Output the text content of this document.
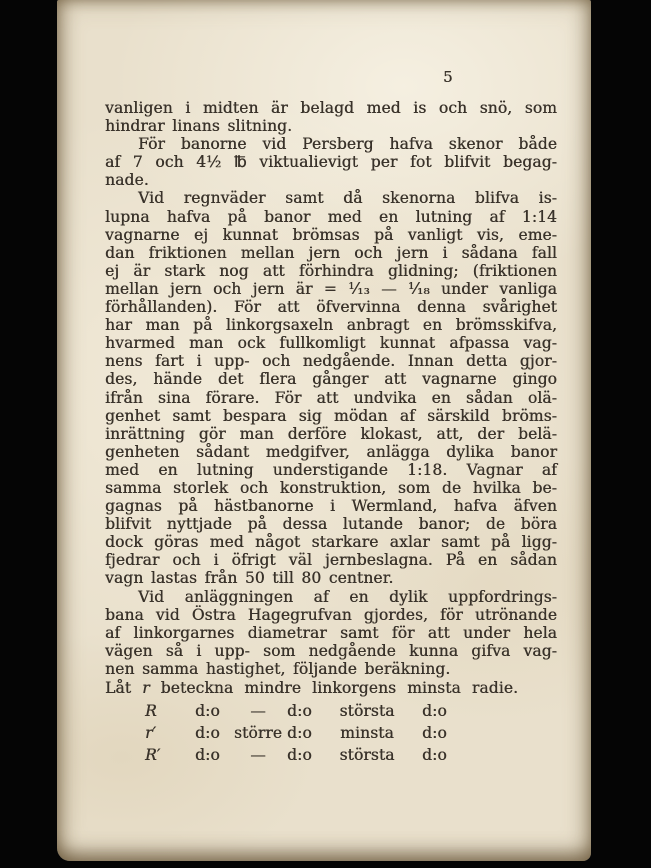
5
vanligen i midten är belagd med is och snö, som
hindrar linans slitning.
För banorne vid Persberg hafva skenor både
af 7 och 4½ ℔ viktualievigt per fot blifvit begag-
nade.
Vid regnväder samt då skenorna blifva is-
lupna hafva på banor med en lutning af 1:14
vagnarne ej kunnat brömsas på vanligt vis, eme-
dan friktionen mellan jern och jern i sådana fall
ej är stark nog att förhindra glidning; (friktionen
mellan jern och jern är = ¹⁄₁₃ — ¹⁄₁₈ under vanliga
förhållanden). För att öfvervinna denna svårighet
har man på linkorgsaxeln anbragt en brömsskifva,
hvarmed man ock fullkomligt kunnat afpassa vag-
nens fart i upp- och nedgående. Innan detta gjor-
des, hände det flera gånger att vagnarne gingo
ifrån sina förare. För att undvika en sådan olä-
genhet samt bespara sig mödan af särskild bröms-
inrättning gör man derföre klokast, att, der belä-
genheten sådant medgifver, anlägga dylika banor
med en lutning understigande 1:18. Vagnar af
samma storlek och konstruktion, som de hvilka be-
gagnas på hästbanorne i Wermland, hafva äfven
blifvit nyttjade på dessa lutande banor; de böra
dock göras med något starkare axlar samt på ligg-
fjedrar och i öfrigt väl jernbeslagna. På en sådan
vagn lastas från 50 till 80 centner.
Vid anläggningen af en dylik uppfordrings-
bana vid Östra Hagegrufvan gjordes, för utrönande
af linkorgarnes diametrar samt för att under hela
vägen så i upp- som nedgående kunna gifva vag-
nen samma hastighet, följande beräkning.
Låt r beteckna mindre linkorgens minsta radie.
R d:o	—	d:o	största	d:o
r′	d:o större d:o	minsta	d:o
R′ d:o	—	d:o	största	d:o
